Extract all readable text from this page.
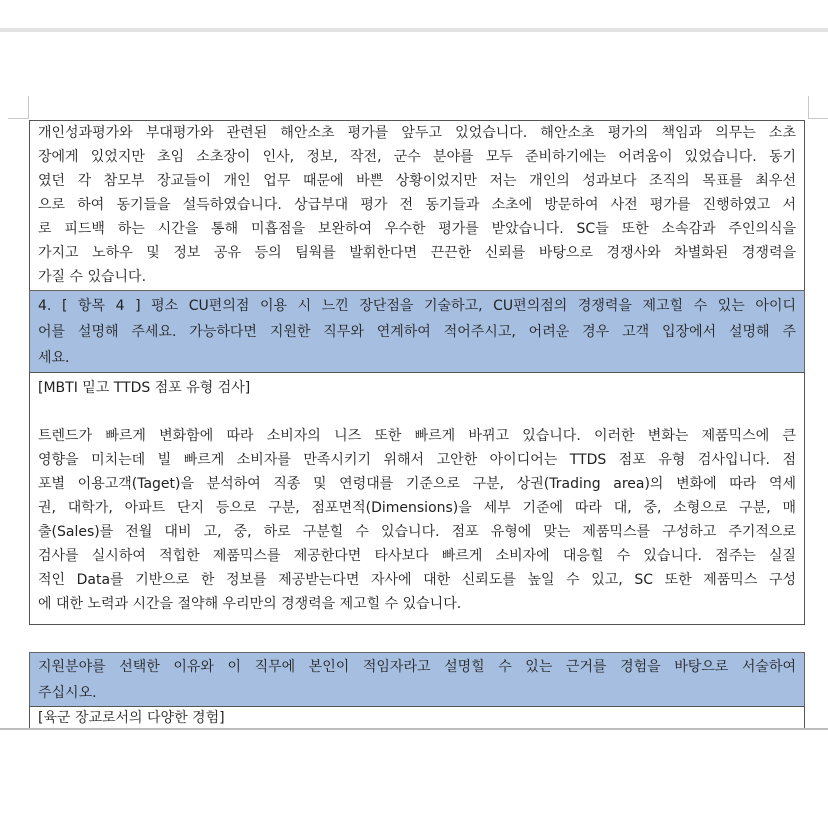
개인성과평가와 부대평가와 관련된 해안소초 평가를 앞두고 있었습니다. 해안소초 평가의 책임과 의무는 소초
장에게 있었지만 초임 소초장이 인사, 정보, 작전, 군수 분야를 모두 준비하기에는 어려움이 있었습니다. 동기
였던 각 참모부 장교들이 개인 업무 때문에 바쁜 상황이었지만 저는 개인의 성과보다 조직의 목표를 최우선
으로 하여 동기들을 설득하였습니다. 상급부대 평가 전 동기들과 소초에 방문하여 사전 평가를 진행하였고 서
로 피드백 하는 시간을 통해 미흡점을 보완하여 우수한 평가를 받았습니다. SC들 또한 소속감과 주인의식을
가지고 노하우 및 정보 공유 등의 팀웍를 발휘한다면 끈끈한 신뢰를 바탕으로 경쟁사와 차별화된 경쟁력을
가질 수 있습니다.
4. [ 항목 4 ] 평소 CU편의점 이용 시 느낀 장단점을 기술하고, CU편의점의 경쟁력을 제고힐 수 있는 아이디
어를 설명해 주세요. 가능하다면 지원한 직무와 연계하여 적어주시고, 어려운 경우 고객 입장에서 설명해 주
세요.
[MBTI 밑고 TTDS 점포 유형 검사]
트렌드가 빠르게 변화함에 따라 소비자의 니즈 또한 빠르게 바뀌고 있습니다. 이러한 변화는 제품믹스에 큰
영향을 미치는데 빌 빠르게 소비자를 만족시키기 위해서 고안한 아이디어는 TTDS 점포 유형 검사입니다. 점
포별 이용고객(Taget)을 분석하여 직종 및 연령대를 기준으로 구분, 상권(Trading area)의 변화에 따라 역세
권, 대학가, 아파트 단지 등으로 구분, 점포면적(Dimensions)을 세부 기준에 따라 대, 중, 소형으로 구분, 매
출(Sales)를 전월 대비 고, 중, 하로 구분힐 수 있습니다. 점포 유형에 맞는 제품믹스를 구성하고 주기적으로
검사를 실시하여 적힙한 제품믹스를 제공한다면 타사보다 빠르게 소비자에 대응힐 수 있습니다. 점주는 실질
적인 Data를 기반으로 한 정보를 제공받는다면 자사에 대한 신뢰도를 높일 수 있고, SC 또한 제품믹스 구성
에 대한 노력과 시간을 절약해 우리만의 경쟁력을 제고힐 수 있습니다.
지원분야를 선택한 이유와 이 직무에 본인이 적임자라고 설명힐 수 있는 근거를 경험을 바탕으로 서술하여
주십시오.
[육군 장교로서의 다양한 경험]
